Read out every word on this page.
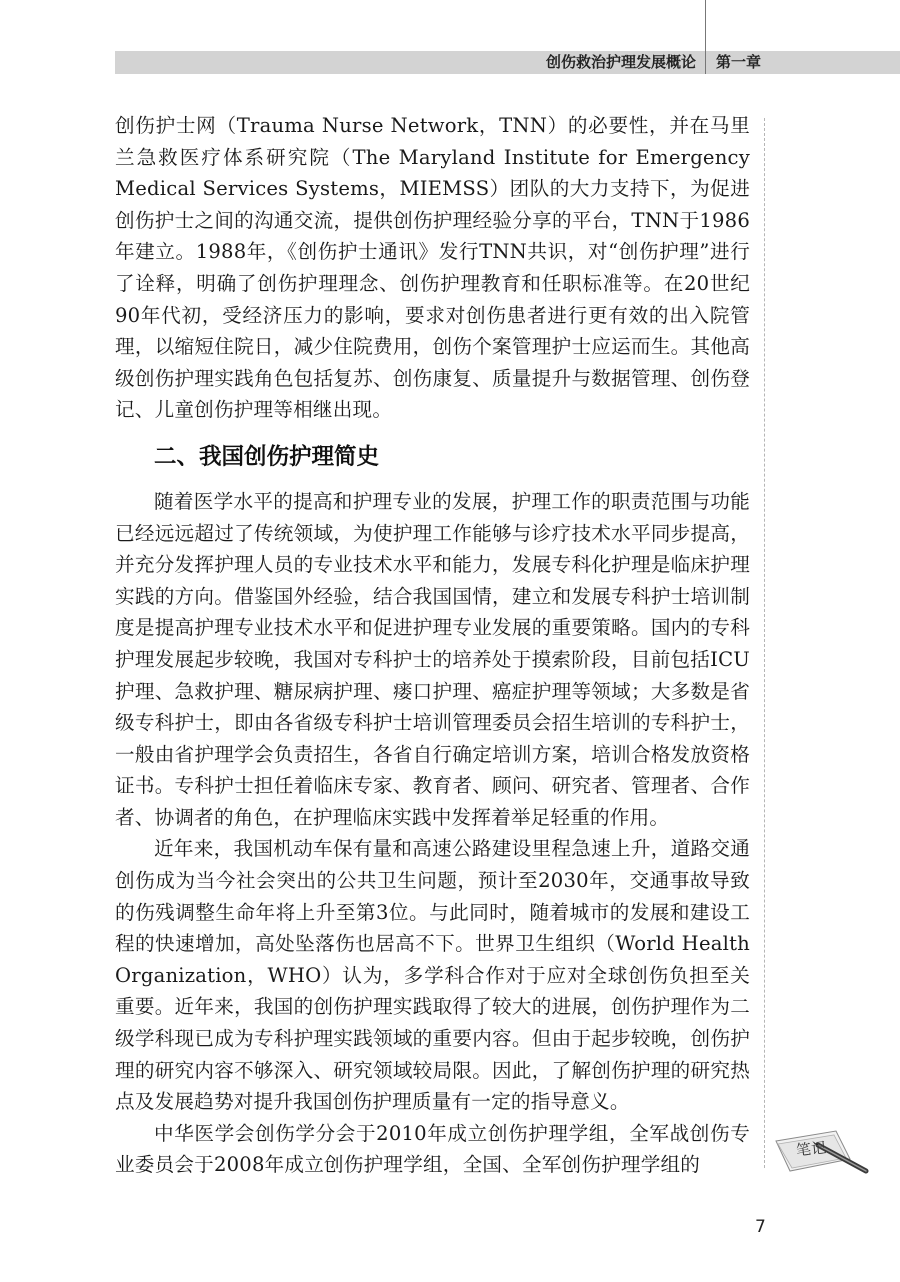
创伤救治护理发展概论 第一章

创伤护士网（Trauma Nurse Network，TNN）的必要性，并在马里兰急救医疗体系研究院（The Maryland Institute for Emergency Medical Services Systems，MIEMSS）团队的大力支持下，为促进创伤护士之间的沟通交流，提供创伤护理经验分享的平台，TNN于1986年建立。1988年，《创伤护士通讯》发行TNN共识，对“创伤护理”进行了诠释，明确了创伤护理理念、创伤护理教育和任职标准等。在20世纪90年代初，受经济压力的影响，要求对创伤患者进行更有效的出入院管理，以缩短住院日，减少住院费用，创伤个案管理护士应运而生。其他高级创伤护理实践角色包括复苏、创伤康复、质量提升与数据管理、创伤登记、儿童创伤护理等相继出现。

二、我国创伤护理简史

随着医学水平的提高和护理专业的发展，护理工作的职责范围与功能已经远远超过了传统领域，为使护理工作能够与诊疗技术水平同步提高，并充分发挥护理人员的专业技术水平和能力，发展专科化护理是临床护理实践的方向。借鉴国外经验，结合我国国情，建立和发展专科护士培训制度是提高护理专业技术水平和促进护理专业发展的重要策略。国内的专科护理发展起步较晚，我国对专科护士的培养处于摸索阶段，目前包括ICU护理、急救护理、糖尿病护理、瘘口护理、癌症护理等领域；大多数是省级专科护士，即由各省级专科护士培训管理委员会招生培训的专科护士，一般由省护理学会负责招生，各省自行确定培训方案，培训合格发放资格证书。专科护士担任着临床专家、教育者、顾问、研究者、管理者、合作者、协调者的角色，在护理临床实践中发挥着举足轻重的作用。

近年来，我国机动车保有量和高速公路建设里程急速上升，道路交通创伤成为当今社会突出的公共卫生问题，预计至2030年，交通事故导致的伤残调整生命年将上升至第3位。与此同时，随着城市的发展和建设工程的快速增加，高处坠落伤也居高不下。世界卫生组织（World Health Organization，WHO）认为，多学科合作对于应对全球创伤负担至关重要。近年来，我国的创伤护理实践取得了较大的进展，创伤护理作为二级学科现已成为专科护理实践领域的重要内容。但由于起步较晚，创伤护理的研究内容不够深入、研究领域较局限。因此，了解创伤护理的研究热点及发展趋势对提升我国创伤护理质量有一定的指导意义。

中华医学会创伤学分会于2010年成立创伤护理学组，全军战创伤专业委员会于2008年成立创伤护理学组，全国、全军创伤护理学组的

笔记
7
